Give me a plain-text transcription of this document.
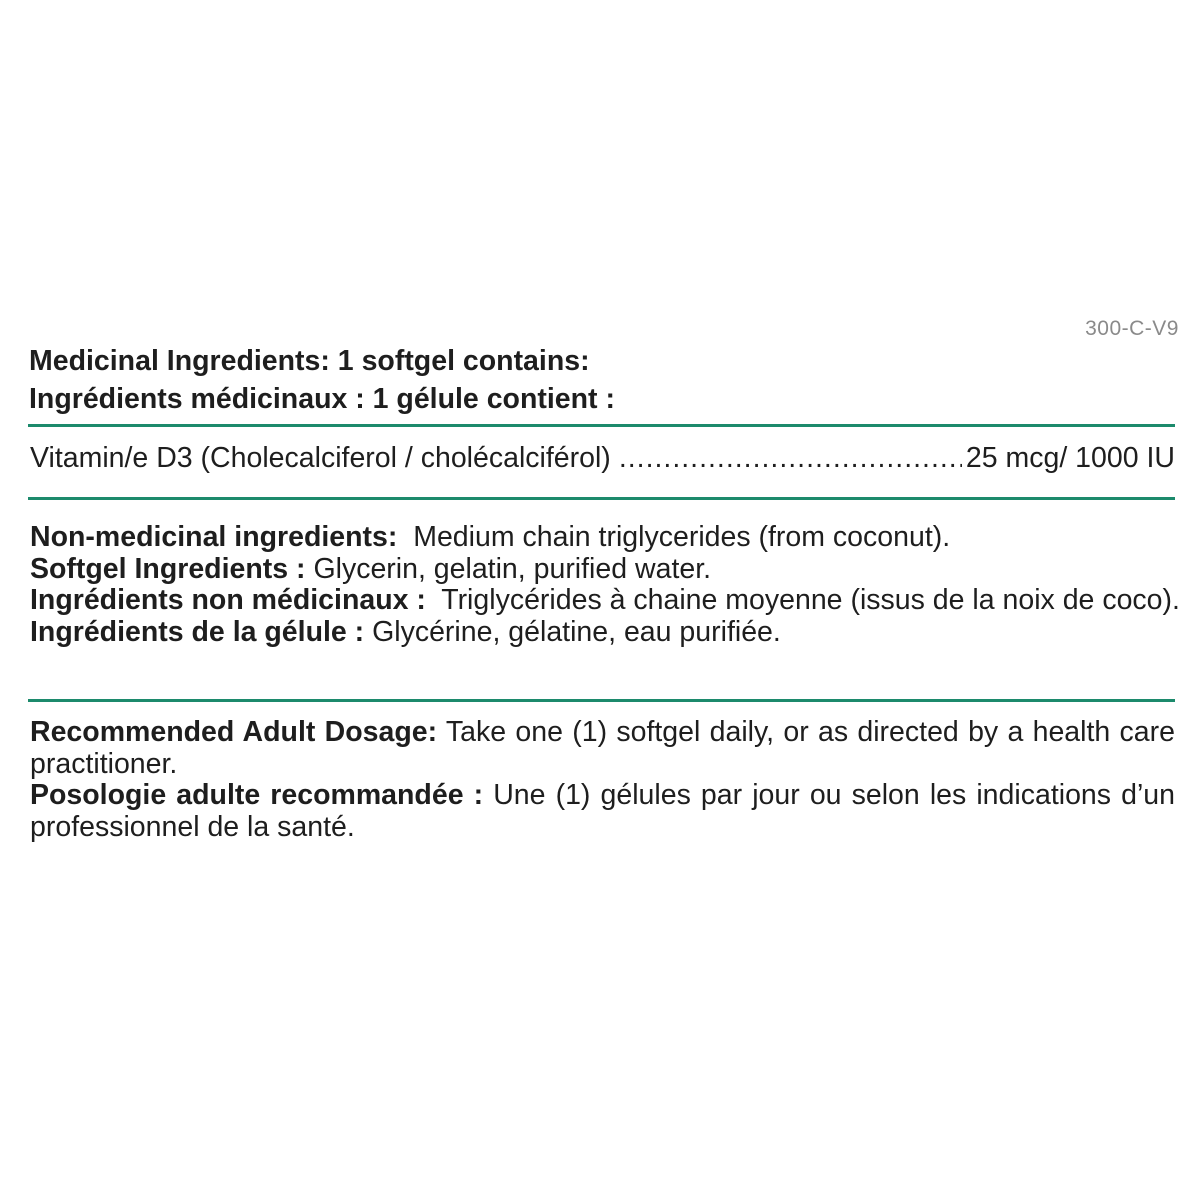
300-C-V9
Medicinal Ingredients: 1 softgel contains:
Ingrédients médicinaux : 1 gélule contient :
Vitamin/e D3 (Cholecalciferol / cholécalciférol)
.....	25 mcg/ 1000 IU
Non-medicinal ingredients: Medium chain triglycerides (from coconut).
Softgel Ingredients : Glycerin, gelatin, purified water.
Ingrédients non médicinaux : Triglycérides à chaine moyenne (issus de la noix de coco).
Ingrédients de la gélule : Glycérine, gélatine, eau purifiée.
Recommended Adult Dosage: Take one (1) softgel daily, or as directed by a health care practitioner.
Posologie adulte recommandée : Une (1) gélules par jour ou selon les indications d’un professionnel de la santé.
